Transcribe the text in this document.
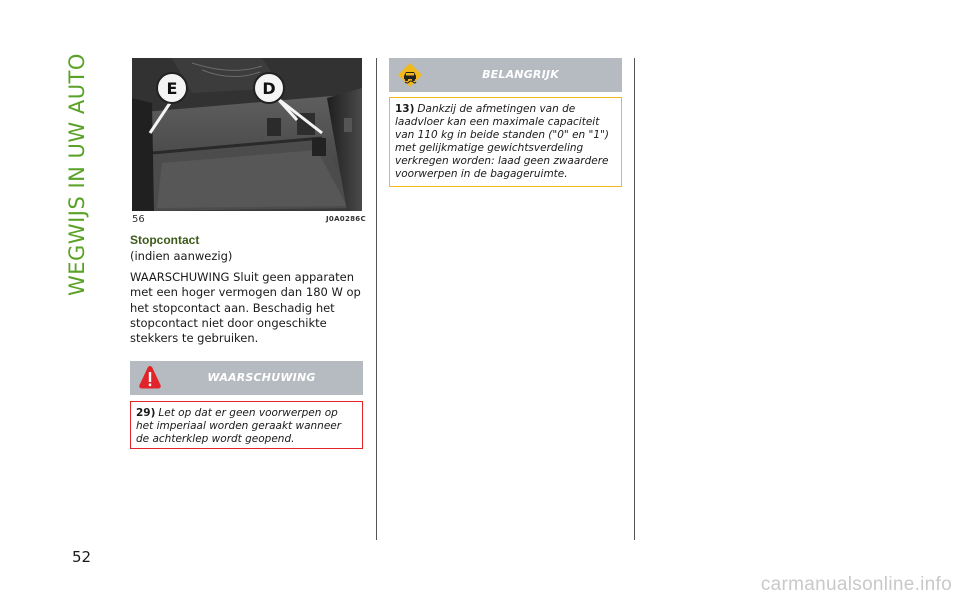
WEGWIJS IN UW AUTO
52
E	D
56	J0A0286C
Stopcontact
(indien aanwezig)
WAARSCHUWING Sluit geen apparaten met een hoger vermogen dan 180 W op het stopcontact aan. Beschadig het stopcontact niet door ongeschikte stekkers te gebruiken.
WAARSCHUWING
29) Let op dat er geen voorwerpen op het imperiaal worden geraakt wanneer de achterklep wordt geopend.
BELANGRIJK
13) Dankzij de afmetingen van de laadvloer kan een maximale capaciteit van 110 kg in beide standen ("0" en "1") met gelijkmatige gewichtsverdeling verkregen worden: laad geen zwaardere voorwerpen in de bagageruimte.
carmanualsonline.info
